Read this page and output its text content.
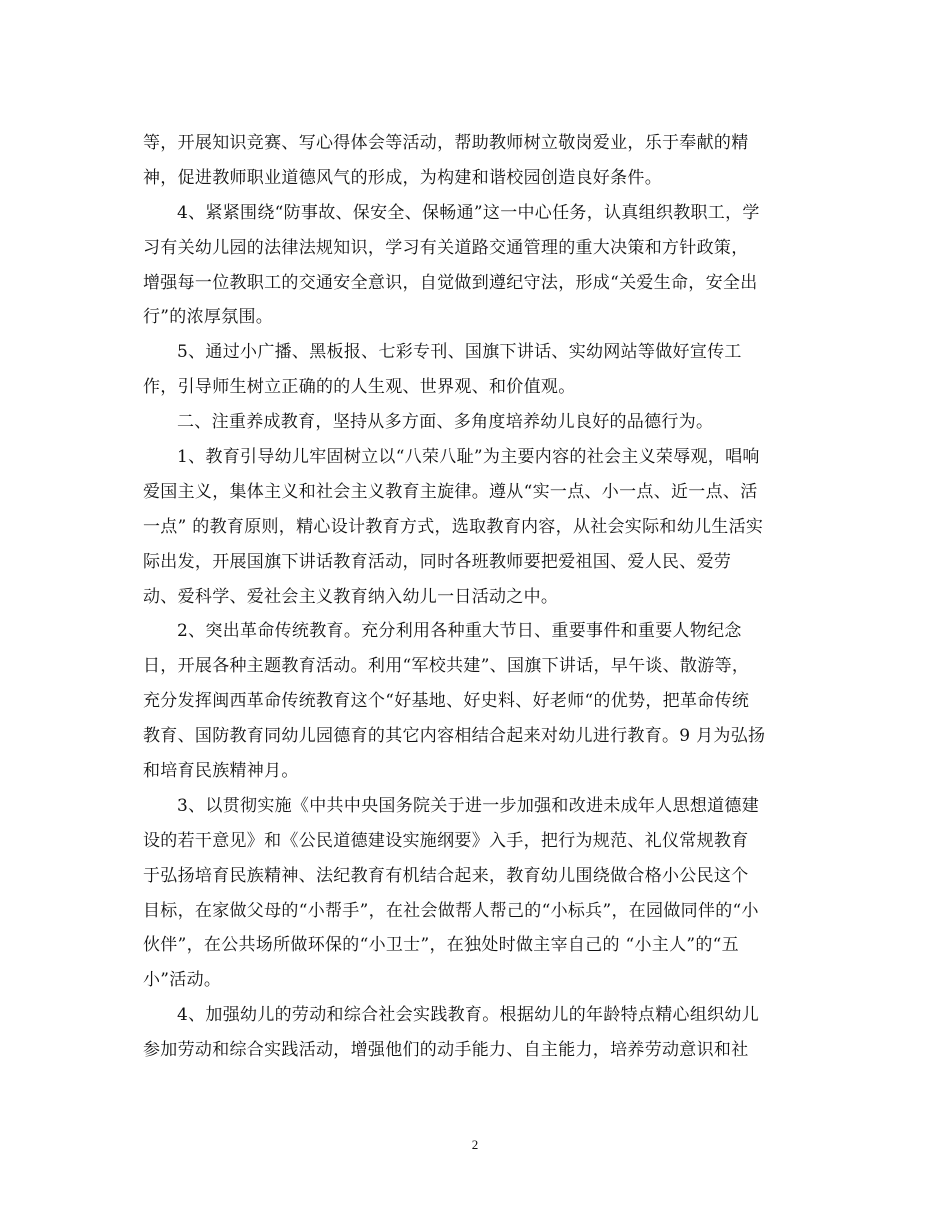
等，开展知识竞赛、写心得体会等活动，帮助教师树立敬岗爱业，乐于奉献的精
神，促进教师职业道德风气的形成，为构建和谐校园创造良好条件。
4、紧紧围绕“防事故、保安全、保畅通”这一中心任务，认真组织教职工，学
习有关幼儿园的法律法规知识，学习有关道路交通管理的重大决策和方针政策，
增强每一位教职工的交通安全意识，自觉做到遵纪守法，形成“关爱生命，安全出
行”的浓厚氛围。
5、通过小广播、黑板报、七彩专刊、国旗下讲话、实幼网站等做好宣传工
作，引导师生树立正确的的人生观、世界观、和价值观。
二、注重养成教育，坚持从多方面、多角度培养幼儿良好的品德行为。
1、教育引导幼儿牢固树立以“八荣八耻”为主要内容的社会主义荣辱观，唱响
爱国主义，集体主义和社会主义教育主旋律。遵从“实一点、小一点、近一点、活
一点” 的教育原则，精心设计教育方式，选取教育内容，从社会实际和幼儿生活实
际出发，开展国旗下讲话教育活动，同时各班教师要把爱祖国、爱人民、爱劳
动、爱科学、爱社会主义教育纳入幼儿一日活动之中。
2、突出革命传统教育。充分利用各种重大节日、重要事件和重要人物纪念
日，开展各种主题教育活动。利用“军校共建”、国旗下讲话，早午谈、散游等，
充分发挥闽西革命传统教育这个“好基地、好史料、好老师“的优势，把革命传统
教育、国防教育同幼儿园德育的其它内容相结合起来对幼儿进行教育。9 月为弘扬
和培育民族精神月。
3、以贯彻实施《中共中央国务院关于进一步加强和改进未成年人思想道德建
设的若干意见》和《公民道德建设实施纲要》入手，把行为规范、礼仪常规教育
于弘扬培育民族精神、法纪教育有机结合起来，教育幼儿围绕做合格小公民这个
目标，在家做父母的“小帮手”，在社会做帮人帮己的“小标兵”，在园做同伴的“小
伙伴”，在公共场所做环保的“小卫士”，在独处时做主宰自己的 “小主人”的“五
小”活动。
4、加强幼儿的劳动和综合社会实践教育。根据幼儿的年龄特点精心组织幼儿
参加劳动和综合实践活动，增强他们的动手能力、自主能力，培养劳动意识和社
2
